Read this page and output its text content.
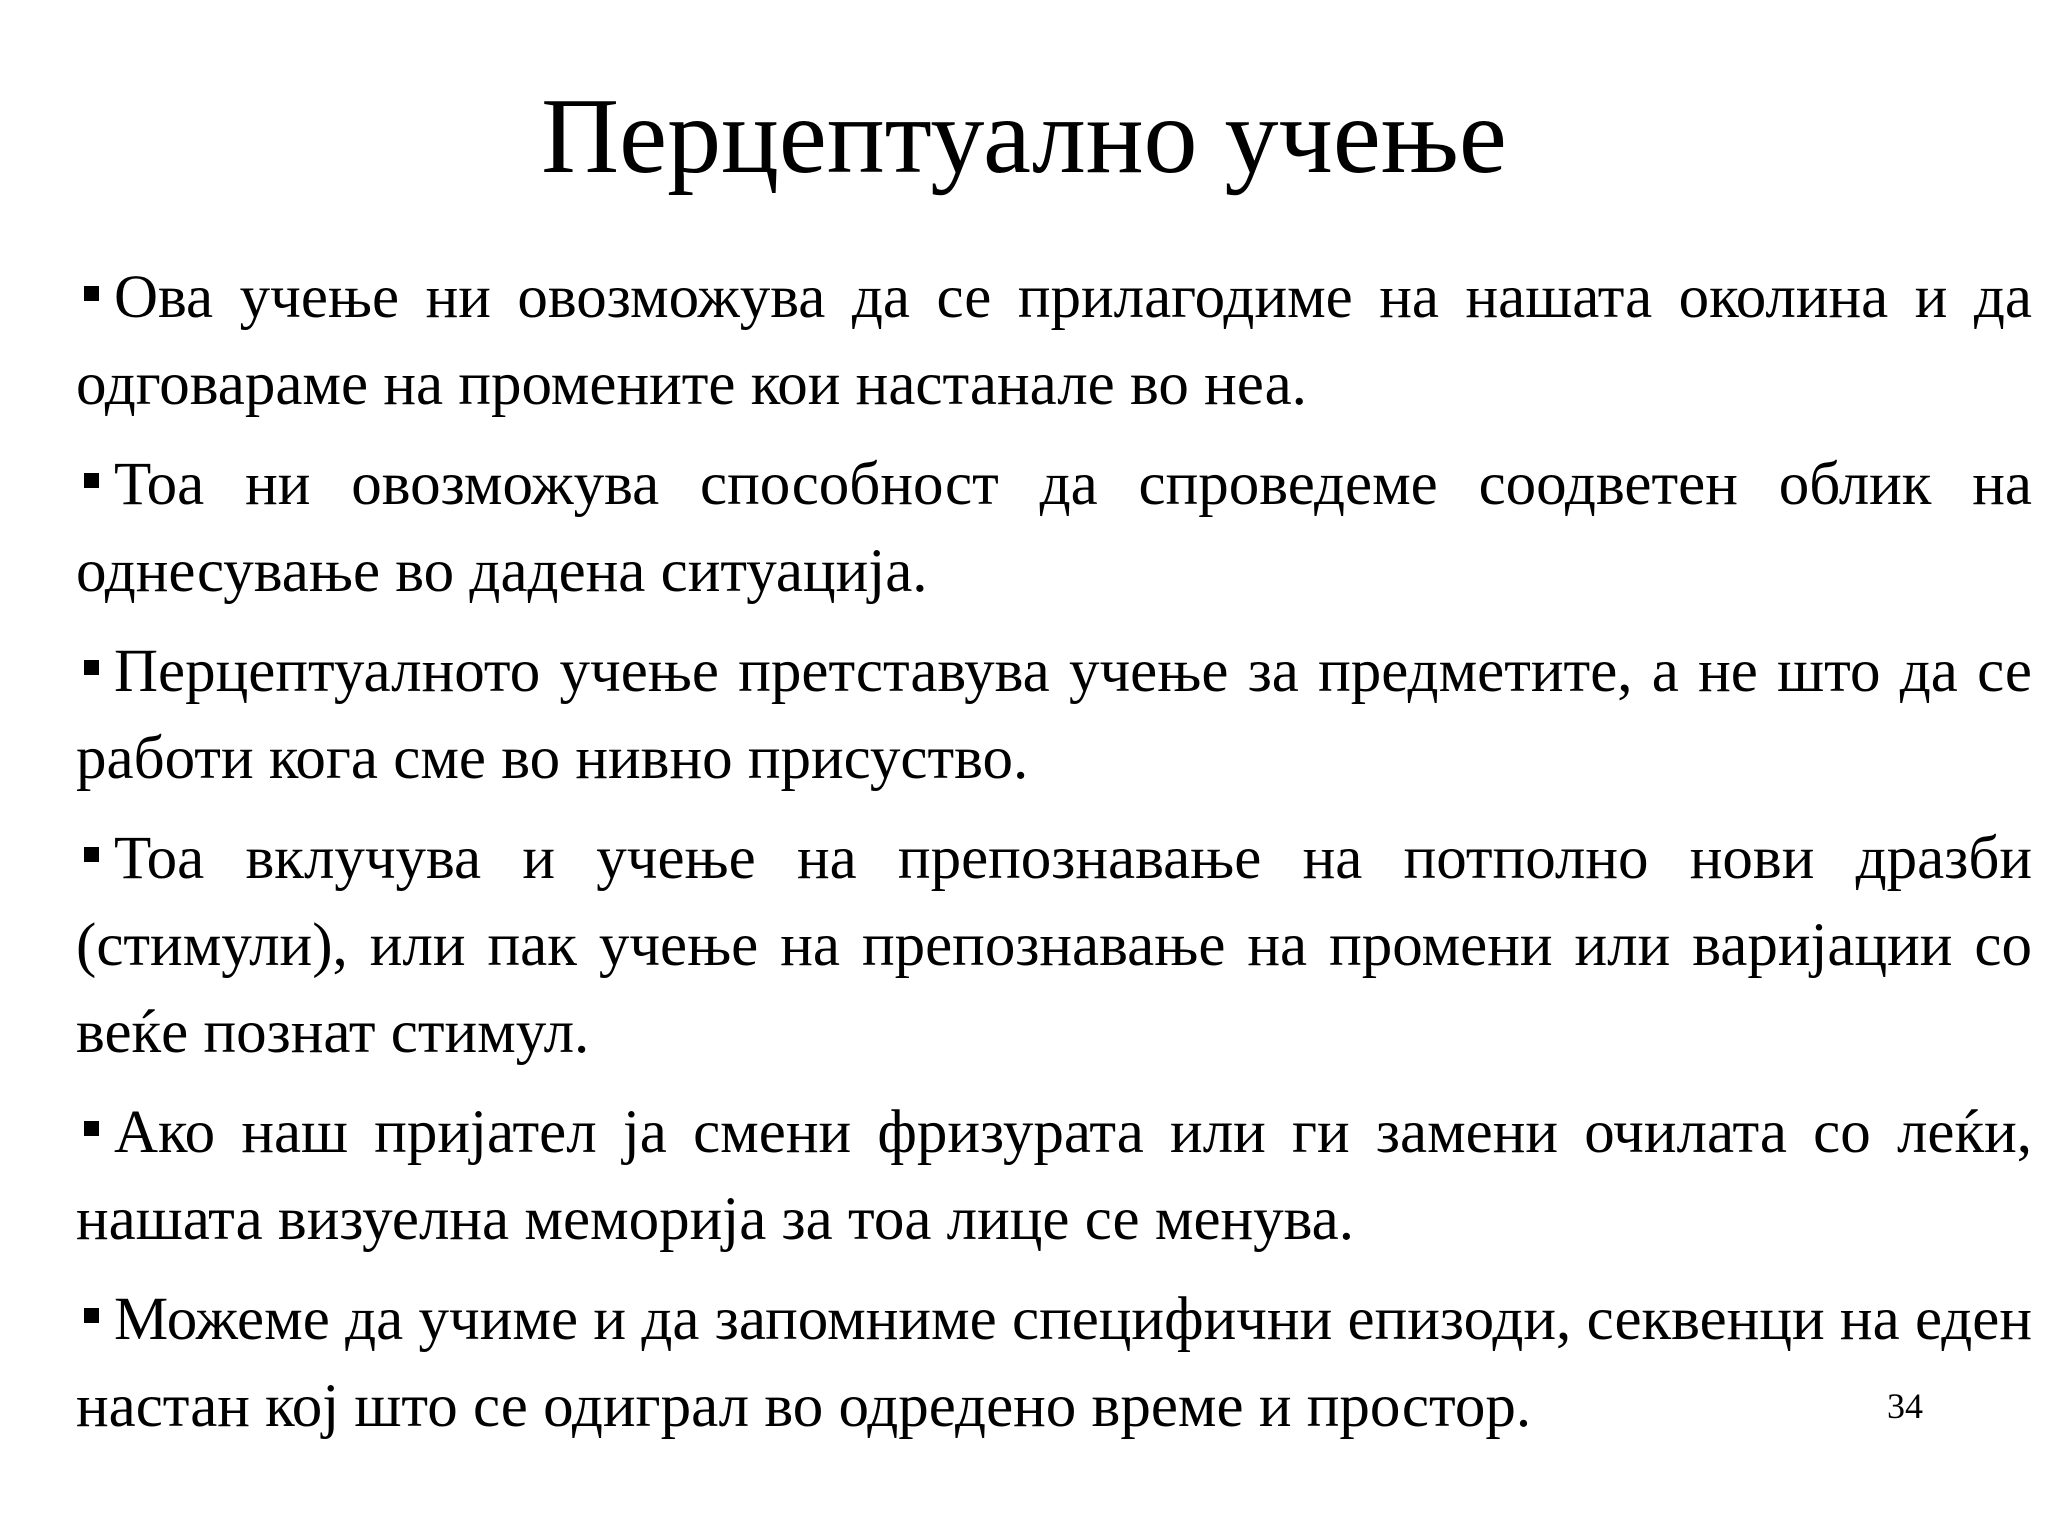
Перцептуално учење
Ова учење ни овозможува да се прилагодиме на нашата околина и да одговараме на промените кои настанале во неа.
Тоа ни овозможува способност да спроведеме соодветен облик на однесување во дадена ситуација.
Перцептуалното учење претставува учење за предметите, а не што да се работи кога сме во нивно присуство.
Тоа вклучува и учење на препознавање на потполно нови дразби (стимули), или пак учење на препознавање на промени или варијации со веќе познат стимул.
Ако наш пријател ја смени фризурата или ги замени очилата со леќи, нашата визуелна меморија за тоа лице се менува.
Можеме да учиме и да запомниме специфични епизоди, секвенци на еден настан кој што се одиграл во одредено време и простор.	34
